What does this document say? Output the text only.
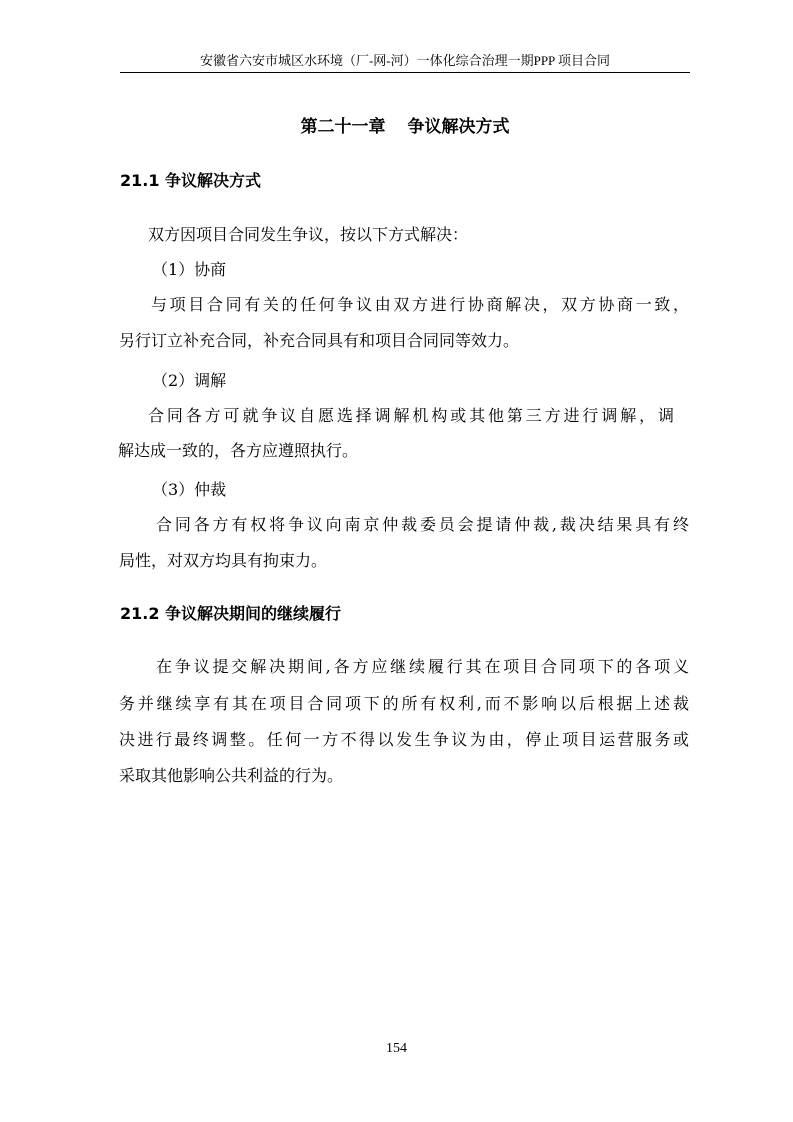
安徽省六安市城区水环境（厂-网-河）一体化综合治理一期PPP 项目合同
第二十一章 争议解决方式
21.1 争议解决方式
双方因项目合同发生争议，按以下方式解决：
（1）协商
与项目合同有关的任何争议由双方进行协商解决，双方协商一致，
另行订立补充合同，补充合同具有和项目合同同等效力。
（2）调解
合同各方可就争议自愿选择调解机构或其他第三方进行调解，调
解达成一致的，各方应遵照执行。
（3）仲裁
合同各方有权将争议向南京仲裁委员会提请仲裁,裁决结果具有终
局性，对双方均具有拘束力。
21.2 争议解决期间的继续履行
在争议提交解决期间,各方应继续履行其在项目合同项下的各项义
务并继续享有其在项目合同项下的所有权利,而不影响以后根据上述裁
决进行最终调整。任何一方不得以发生争议为由，停止项目运营服务或
采取其他影响公共利益的行为。
154
